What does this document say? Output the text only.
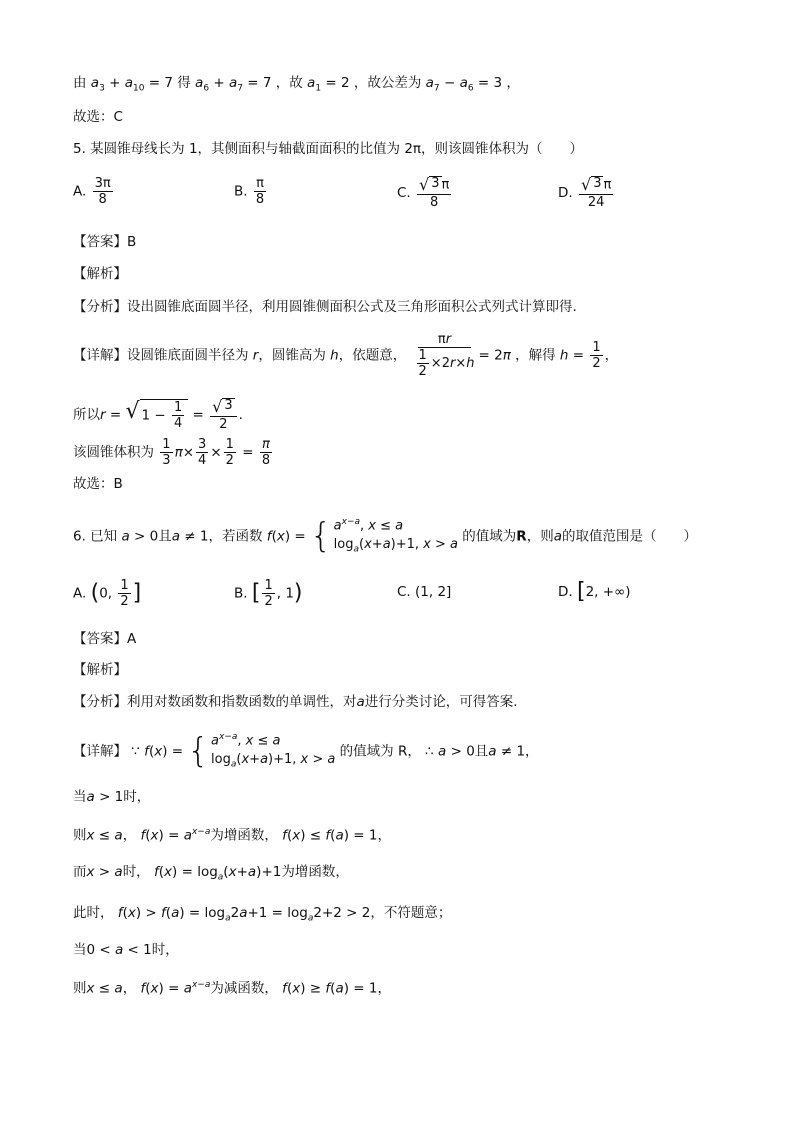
由 $a_3 + a_{10} = 7$ 得 $a_6 + a_7 = 7$ ，故 $a_1 = 2$ ，故公差为 $a_7 - a_6 = 3$ ，
故选：C
5. 某圆锥母线长为 1，其侧面积与轴截面面积的比值为 2π，则该圆锥体积为（　　）
A. $\frac{3\pi}{8}$	B. $\frac{\pi}{8}$	C. $\frac{√ 3 \pi}{8}$	D. $\frac{√ 3 \pi}{24}$
【答案】B
【解析】
【分析】设出圆锥底面圆半径，利用圆锥侧面积公式及三角形面积公式列式计算即得.
【详解】设圆锥底面圆半径为 r，圆锥高为 h，依题意， $\frac{\pi r}{\frac{1}{2} \times 2r\times h} = 2\pi$ ，解得 $h = \frac{1}{2}$ ，
所以r = √ $1 - \frac{1}{4} = \frac{√ 3}{2}$ .
该圆锥体积为 $\frac{1}{3} \pi\times \frac{3}{4} \times \frac{1}{2} = \frac{\pi}{8}$
故选：B
6. 已知 a > 0且a ≠ 1，若函数 f(x) = { $a^{x-a}$, x ≤ a
$\log_a(x+a)+1$, x > a
的值域为R，则a的取值范围是（　　）
A. (0, $\frac{1}{2}$ ]	B. [ $\frac{1}{2}$ , 1)	C. (1, 2]	D. [2, +∞)
【答案】A
【解析】
【分析】利用对数函数和指数函数的单调性，对a进行分类讨论，可得答案.
【详解】 ∵ f(x) = { $a^{x-a}$, x ≤ a
$\log_a(x+a)+1$, x > a
的值域为 R， ∴ a > 0且a ≠ 1，
当a > 1时，
则x ≤ a， $f(x) = a^{x-a}$为增函数， f(x) ≤ f(a) = 1，
而x > a时， $f(x) = \log_a(x+a)+1$为增函数，
此时， $f(x) > f(a) = \log_a2a+1 = \log_a2+2 > 2$，不符题意；
当0 < a < 1时，
则x ≤ a， $f(x) = a^{x-a}$为减函数， f(x) ≥ f(a) = 1，
